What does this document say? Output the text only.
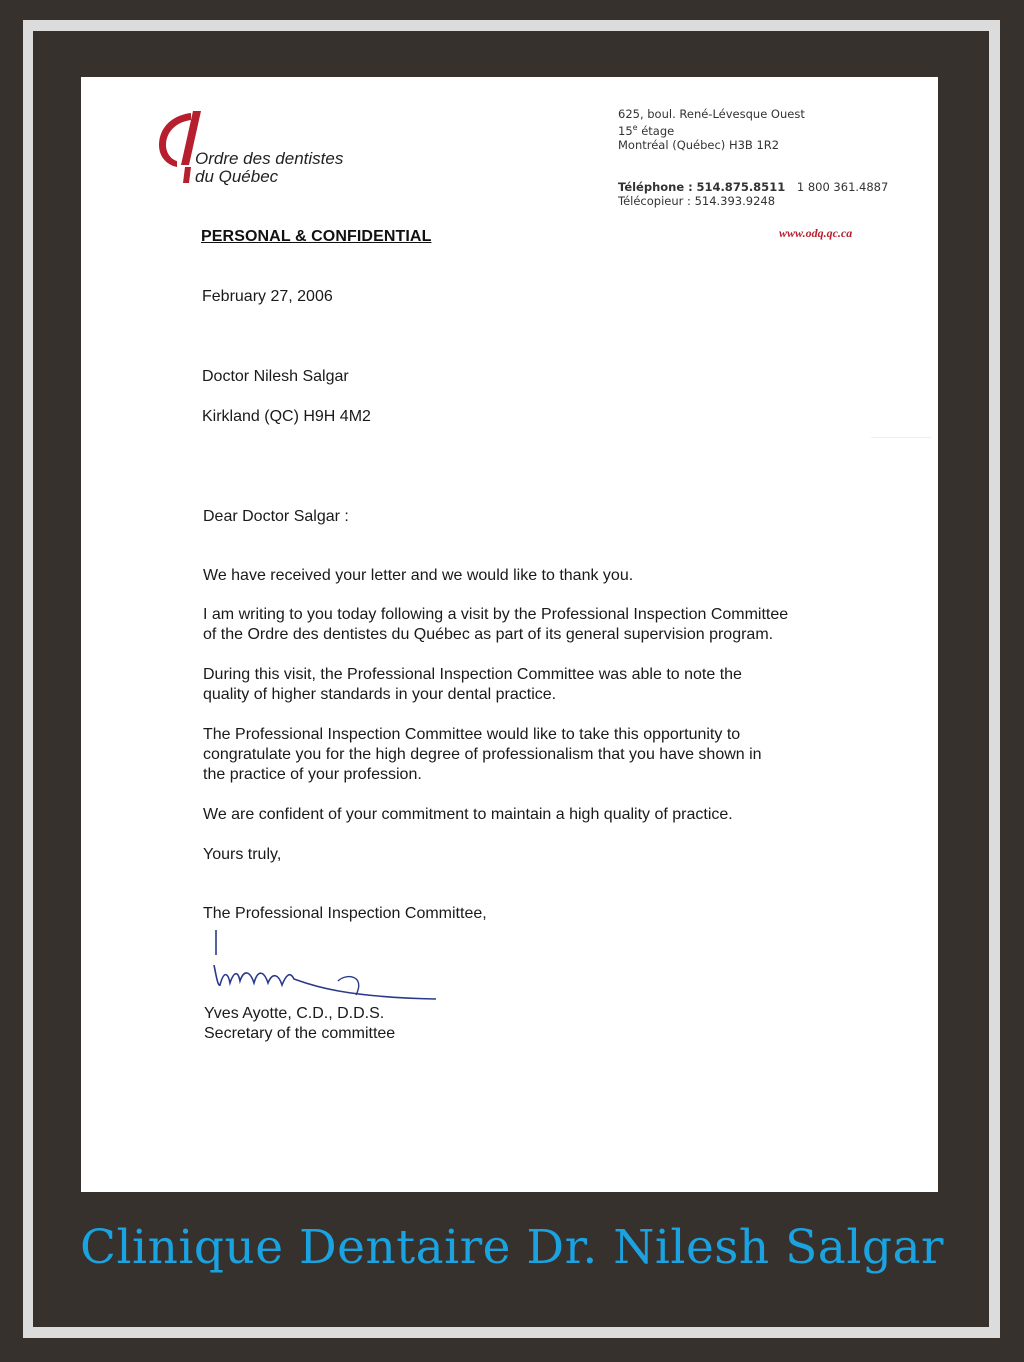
Ordre des dentistes
du Québec
625, boul. René-Lévesque Ouest
15e étage
Montréal (Québec) H3B 1R2
Téléphone : 514.875.8511 1 800 361.4887
Télécopieur : 514.393.9248
www.odq.qc.ca
PERSONAL & CONFIDENTIAL
February 27, 2006
Doctor Nilesh Salgar
Kirkland (QC) H9H 4M2
Dear Doctor Salgar :
We have received your letter and we would like to thank you.
I am writing to you today following a visit by the Professional Inspection Committee
of the Ordre des dentistes du Québec as part of its general supervision program.
During this visit, the Professional Inspection Committee was able to note the
quality of higher standards in your dental practice.
The Professional Inspection Committee would like to take this opportunity to
congratulate you for the high degree of professionalism that you have shown in
the practice of your profession.
We are confident of your commitment to maintain a high quality of practice.
Yours truly,
The Professional Inspection Committee,
Yves Ayotte, C.D., D.D.S.
Secretary of the committee
Clinique Dentaire Dr. Nilesh Salgar
